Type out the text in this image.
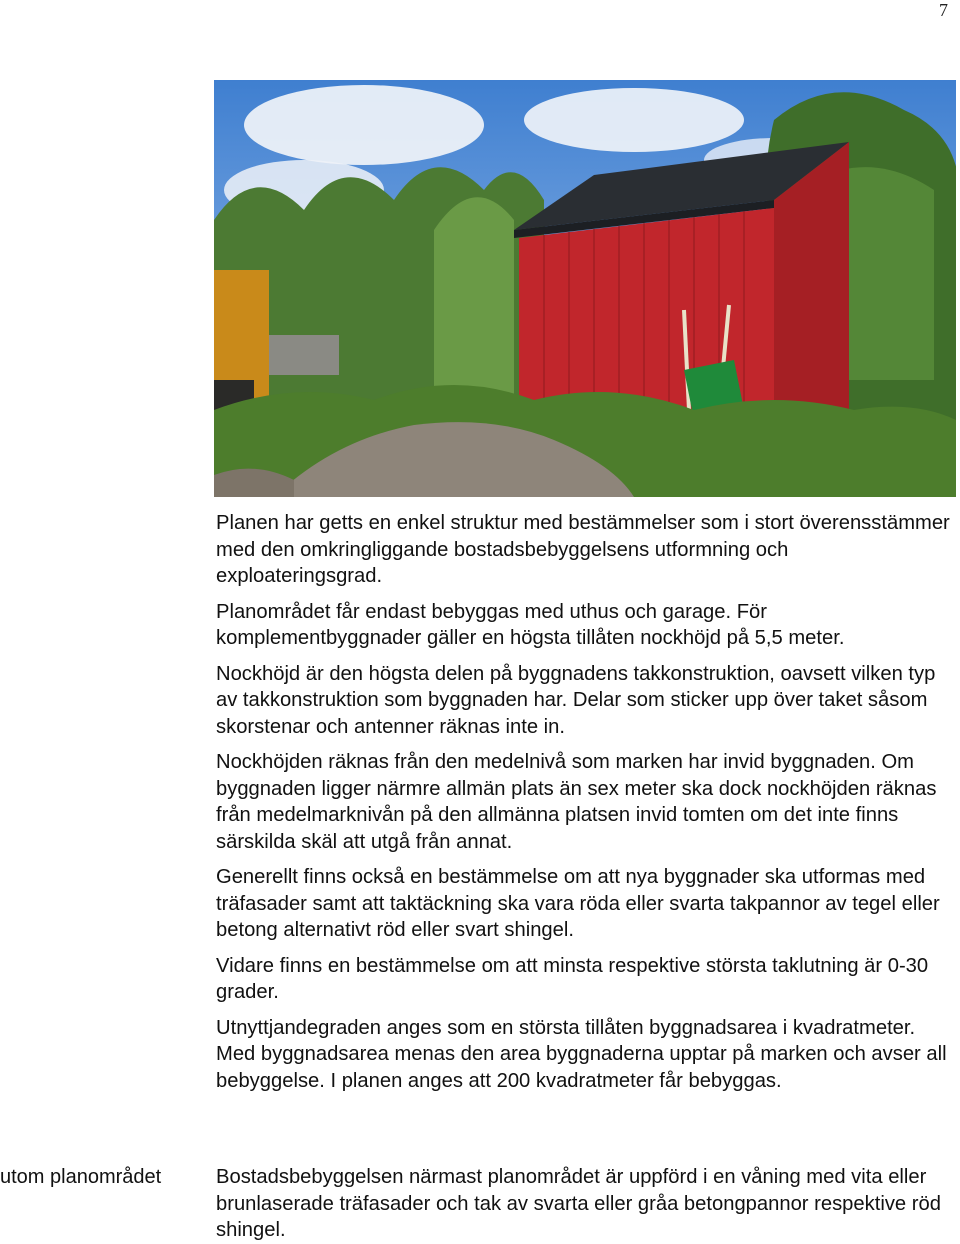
7

Planen har getts en enkel struktur med bestämmelser som i stort överensstämmer med den omkringliggande bostadsbebyggelsens utformning och exploateringsgrad.

Planområdet får endast bebyggas med uthus och garage. För komplementbyggnader gäller en högsta tillåten nockhöjd på 5,5 meter.

Nockhöjd är den högsta delen på byggnadens takkonstruktion, oavsett vilken typ av takkonstruktion som byggnaden har. Delar som sticker upp över taket såsom skorstenar och antenner räknas inte in.

Nockhöjden räknas från den medelnivå som marken har invid byggnaden. Om byggnaden ligger närmre allmän plats än sex meter ska dock nockhöjden räknas från medelmarknivån på den allmänna platsen invid tomten om det inte finns särskilda skäl att utgå från annat.

Generellt finns också en bestämmelse om att nya byggnader ska utformas med träfasader samt att taktäckning ska vara röda eller svarta takpannor av tegel eller betong alternativt röd eller svart shingel.

Vidare finns en bestämmelse om att minsta respektive största taklutning är 0-30 grader.

Utnyttjandegraden anges som en största tillåten byggnadsarea i kvadratmeter. Med byggnadsarea menas den area byggnaderna upptar på marken och avser all bebyggelse. I planen anges att 200 kvadratmeter får bebyggas.

utom planområdet	Bostadsbebyggelsen närmast planområdet är uppförd i en våning med vita eller brunlaserade träfasader och tak av svarta eller gråa betongpannor respektive röd shingel.
